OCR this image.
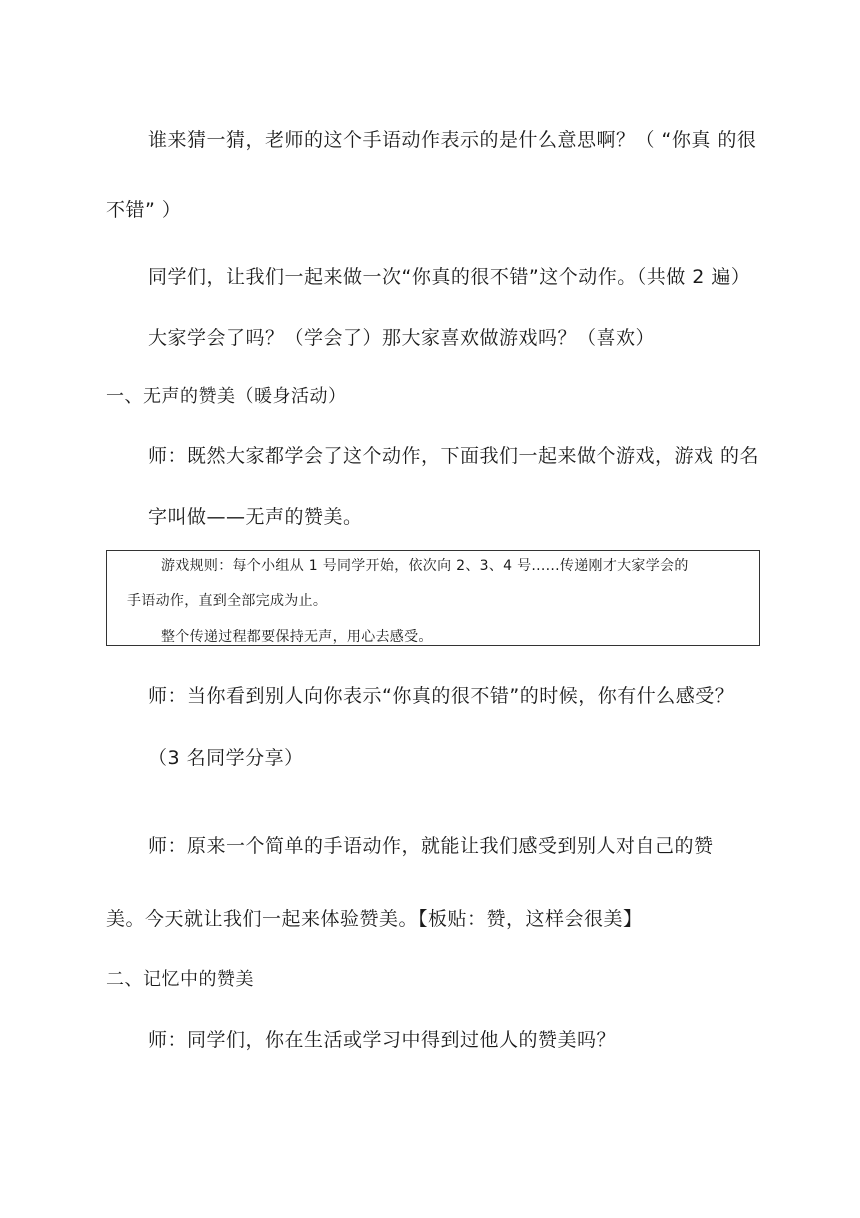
谁来猜一猜，老师的这个手语动作表示的是什么意思啊？（ “你真 的很
不错” ）
同学们，让我们一起来做一次“你真的很不错”这个动作。（共做 2 遍）
大家学会了吗？（学会了）那大家喜欢做游戏吗？（喜欢）
一、无声的赞美（暖身活动）
师：既然大家都学会了这个动作，下面我们一起来做个游戏，游戏 的名
字叫做——无声的赞美。
游戏规则：每个小组从 1 号同学开始，依次向 2、3、4 号......传递刚才大家学会的
手语动作，直到全部完成为止。
整个传递过程都要保持无声，用心去感受。
师：当你看到别人向你表示“你真的很不错”的时候，你有什么感受？
（3 名同学分享）
师：原来一个简单的手语动作，就能让我们感受到别人对自己的赞
美。今天就让我们一起来体验赞美。【板贴：赞，这样会很美】
二、记忆中的赞美
师：同学们，你在生活或学习中得到过他人的赞美吗？
